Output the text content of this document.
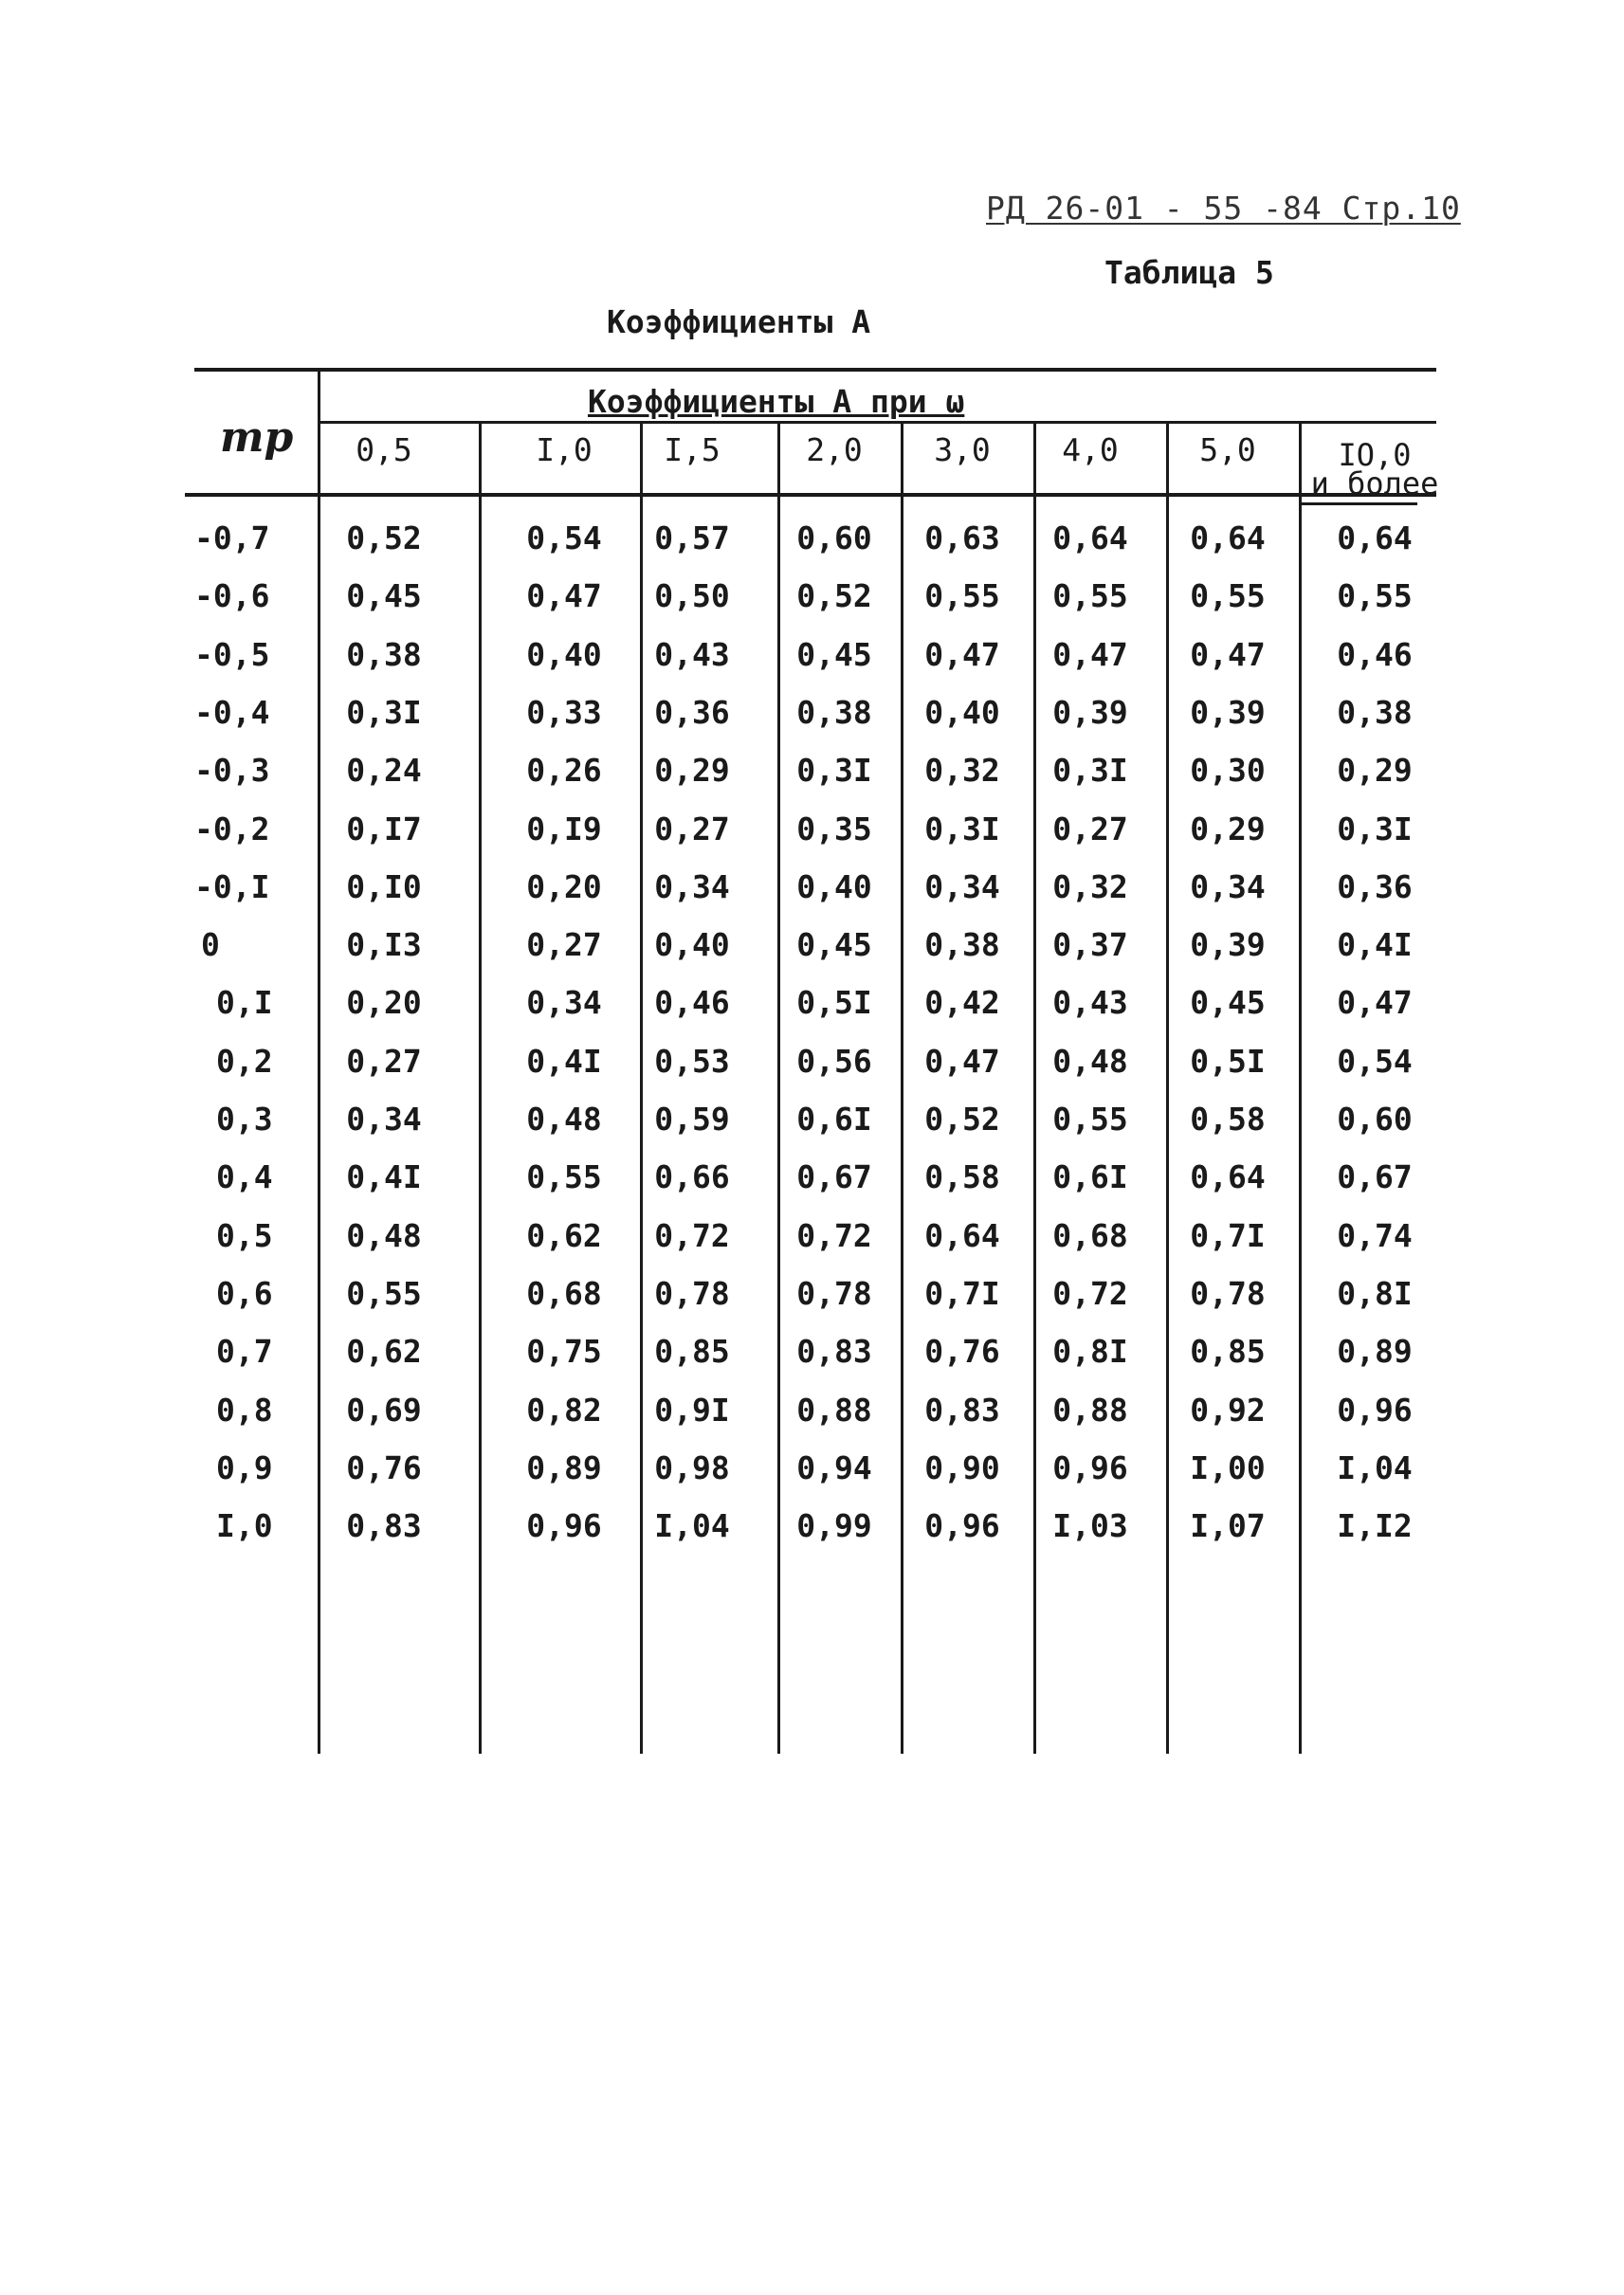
РД 26-01 - 55 -84 Стр.10
Таблица 5
Коэффициенты А
mр
Коэффициенты А при ω
0,5	I,0	I,5	2,0	3,0	4,0	5,0	IO,0
и более
-0,7	0,52	0,54	0,57	0,60	0,63	0,64	0,64	0,64
-0,6	0,45	0,47	0,50	0,52	0,55	0,55	0,55	0,55
-0,5	0,38	0,40	0,43	0,45	0,47	0,47	0,47	0,46
-0,4	0,3I	0,33	0,36	0,38	0,40	0,39	0,39	0,38
-0,3	0,24	0,26	0,29	0,3I	0,32	0,3I	0,30	0,29
-0,2	0,I7	0,I9	0,27	0,35	0,3I	0,27	0,29	0,3I
-0,I	0,I0	0,20	0,34	0,40	0,34	0,32	0,34	0,36
0	0,I3	0,27	0,40	0,45	0,38	0,37	0,39	0,4I
0,I	0,20	0,34	0,46	0,5I	0,42	0,43	0,45	0,47
0,2	0,27	0,4I	0,53	0,56	0,47	0,48	0,5I	0,54
0,3	0,34	0,48	0,59	0,6I	0,52	0,55	0,58	0,60
0,4	0,4I	0,55	0,66	0,67	0,58	0,6I	0,64	0,67
0,5	0,48	0,62	0,72	0,72	0,64	0,68	0,7I	0,74
0,6	0,55	0,68	0,78	0,78	0,7I	0,72	0,78	0,8I
0,7	0,62	0,75	0,85	0,83	0,76	0,8I	0,85	0,89
0,8	0,69	0,82	0,9I	0,88	0,83	0,88	0,92	0,96
0,9	0,76	0,89	0,98	0,94	0,90	0,96	I,00	I,04
I,0	0,83	0,96	I,04	0,99	0,96	I,03	I,07	I,I2
